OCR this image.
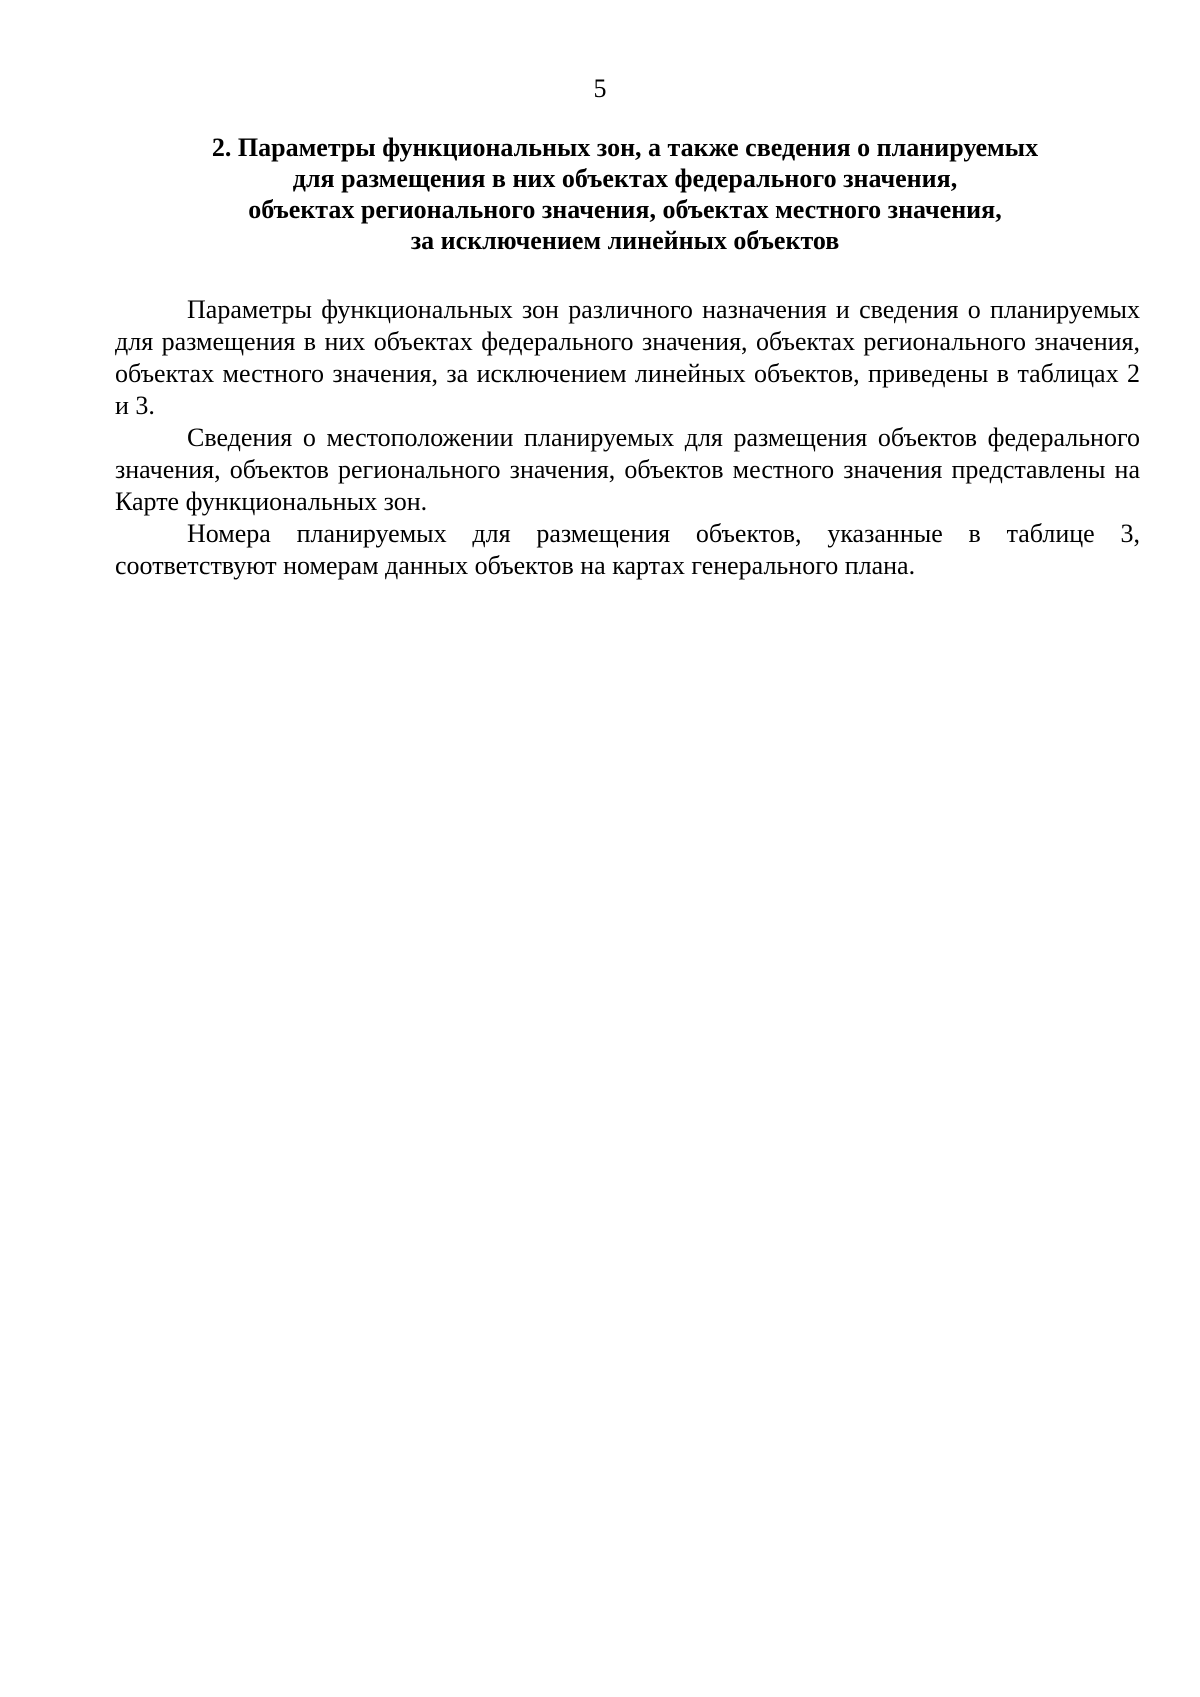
5
2. Параметры функциональных зон, а также сведения о планируемых
для размещения в них объектах федерального значения,
объектах регионального значения, объектах местного значения,
за исключением линейных объектов

Параметры функциональных зон различного назначения и сведения о планируемых для размещения в них объектах федерального значения, объектах регионального значения, объектах местного значения, за исключением линейных объектов, приведены в таблицах 2 и 3.

Сведения о местоположении планируемых для размещения объектов федерального значения, объектов регионального значения, объектов местного значения представлены на Карте функциональных зон.

Номера планируемых для размещения объектов, указанные в таблице 3, соответствуют номерам данных объектов на картах генерального плана.
